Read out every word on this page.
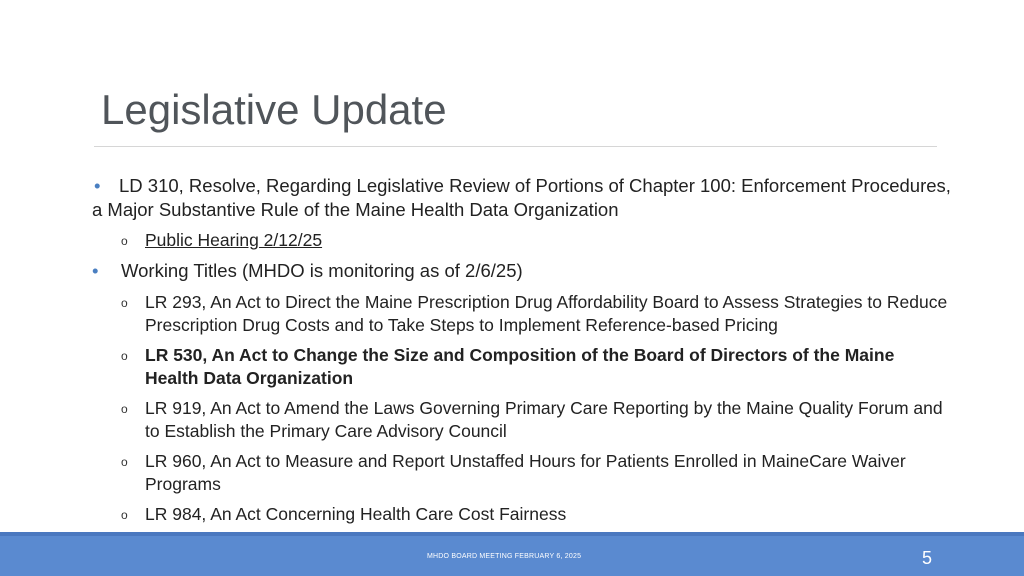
Legislative Update

• LD 310, Resolve, Regarding Legislative Review of Portions of Chapter 100: Enforcement Procedures, a Major Substantive Rule of the Maine Health Data Organization

o Public Hearing 2/12/25

• Working Titles (MHDO is monitoring as of 2/6/25)

o LR 293, An Act to Direct the Maine Prescription Drug Affordability Board to Assess Strategies to Reduce Prescription Drug Costs and to Take Steps to Implement Reference-based Pricing

o LR 530, An Act to Change the Size and Composition of the Board of Directors of the Maine Health Data Organization

o LR 919, An Act to Amend the Laws Governing Primary Care Reporting by the Maine Quality Forum and to Establish the Primary Care Advisory Council

o LR 960, An Act to Measure and Report Unstaffed Hours for Patients Enrolled in MaineCare Waiver Programs

o LR 984, An Act Concerning Health Care Cost Fairness

MHDO BOARD MEETING FEBRUARY 6, 2025	5
